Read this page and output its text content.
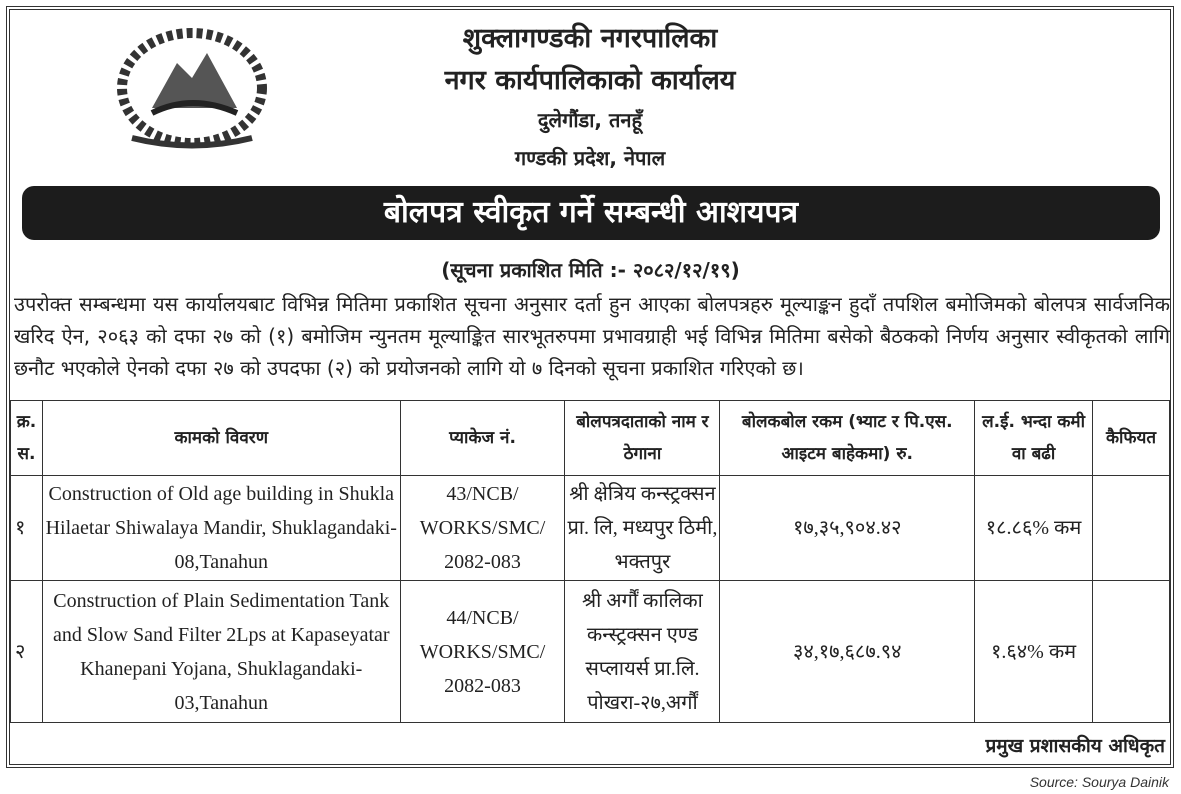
शुक्लागण्डकी नगरपालिका
नगर कार्यपालिकाको कार्यालय
दुलेगौंडा, तनहूँ
गण्डकी प्रदेश, नेपाल
बोलपत्र स्वीकृत गर्ने सम्बन्धी आशयपत्र
(सूचना प्रकाशित मिति :- २०८२/१२/१९)
उपरोक्त सम्बन्धमा यस कार्यालयबाट विभिन्न मितिमा प्रकाशित सूचना अनुसार दर्ता हुन आएका बोलपत्रहरु मूल्याङ्कन हुदाँ तपशिल बमोजिमको बोलपत्र सार्वजनिक खरिद ऐन, २०६३ को दफा २७ को (१) बमोजिम न्युनतम मूल्याङ्कित सारभूतरुपमा प्रभावग्राही भई विभिन्न मितिमा बसेको बैठकको निर्णय अनुसार स्वीकृतको लागि छनौट भएकोले ऐनको दफा २७ को उपदफा (२) को प्रयोजनको लागि यो ७ दिनको सूचना प्रकाशित गरिएको छ।
क्र. स.	कामको विवरण	प्याकेज नं.	बोलपत्रदाताको नाम र ठेगाना	बोलकबोल रकम (भ्याट र पि.एस. आइटम बाहेकमा) रु.	ल.ई. भन्दा कमी वा बढी	कैफियत
१	Construction of Old age building in Shukla Hilaetar Shiwalaya Mandir, Shuklagandaki-08,Tanahun	43/NCB/ WORKS/SMC/ 2082-083	श्री क्षेत्रिय कन्स्ट्रक्सन प्रा. लि, मध्यपुर ठिमी, भक्तपुर	१७,३५,९०४.४२	१८.८६% कम	
२	Construction of Plain Sedimentation Tank and Slow Sand Filter 2Lps at Kapaseyatar Khanepani Yojana, Shuklagandaki-03,Tanahun	44/NCB/ WORKS/SMC/ 2082-083	श्री अर्गौं कालिका कन्स्ट्रक्सन एण्ड सप्लायर्स प्रा.लि. पोखरा-२७,अर्गौं	३४,१७,६८७.९४	१.६४% कम	
प्रमुख प्रशासकीय अधिकृत
Source: Sourya Dainik
